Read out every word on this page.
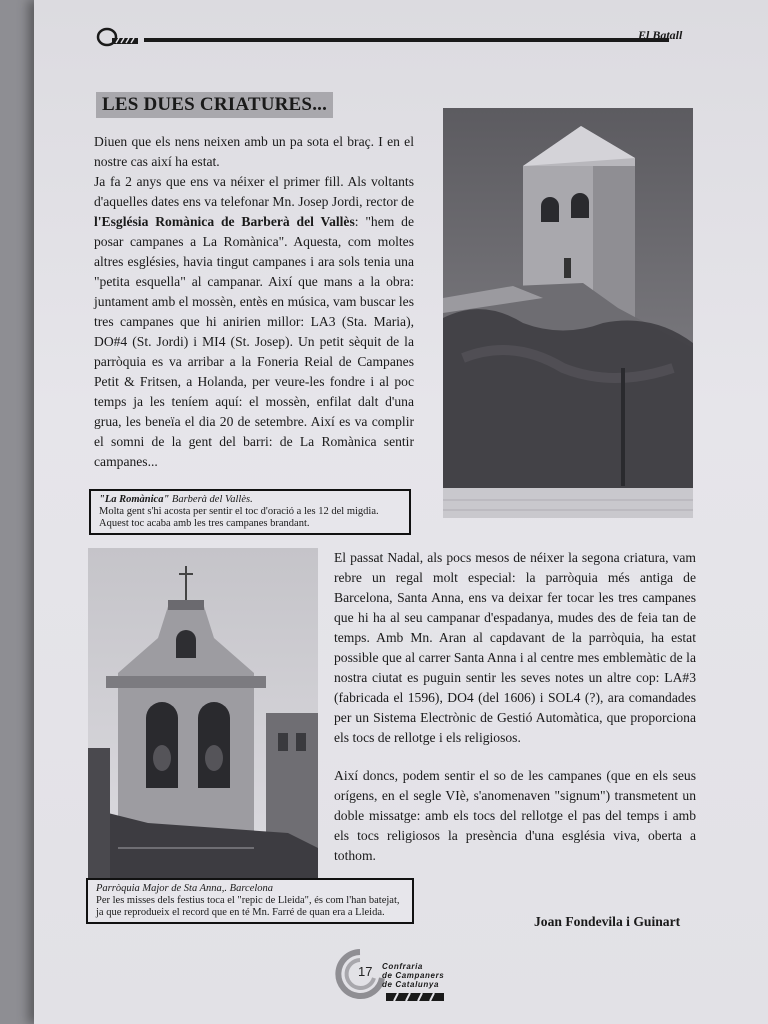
El Batall
LES DUES CRIATURES...

Diuen que els nens neixen amb un pa sota el braç. I en el nostre cas així ha estat.

Ja fa 2 anys que ens va néixer el primer fill. Als voltants d'aquelles dates ens va telefonar Mn. Josep Jordi, rector de l'Església Romànica de Barberà del Vallès: "hem de posar campanes a La Romànica". Aquesta, com moltes altres esglésies, havia tingut campanes i ara sols tenia una "petita esquella" al campanar. Així que mans a la obra: juntament amb el mossèn, entès en música, vam buscar les tres campanes que hi anirien millor: LA3 (Sta. Maria), DO#4 (St. Jordi) i MI4 (St. Josep). Un petit sèquit de la parròquia es va arribar a la Foneria Reial de Campanes Petit & Fritsen, a Holanda, per veure-les fondre i al poc temps ja les teníem aquí: el mossèn, enfilat dalt d'una grua, les beneïa el dia 20 de setembre. Així es va complir el somni de la gent del barri: de La Romànica sentir campanes...

"La Romànica" Barberà del Vallès.
Molta gent s'hi acosta per sentir el toc d'oració a les 12 del migdia. Aquest toc acaba amb les tres campanes brandant.
Parròquia Major de Sta Anna,. Barcelona
Per les misses dels festius toca el "repic de Lleida", és com l'han batejat, ja que reprodueix el record que en té Mn. Farré de quan era a Lleida.

El passat Nadal, als pocs mesos de néixer la segona criatura, vam rebre un regal molt especial: la parròquia més antiga de Barcelona, Santa Anna, ens va deixar fer tocar les tres campanes que hi ha al seu campanar d'espadanya, mudes des de feia tan de temps. Amb Mn. Aran al capdavant de la parròquia, ha estat possible que al carrer Santa Anna i al centre mes emblemàtic de la nostra ciutat es puguin sentir les seves notes un altre cop: LA#3 (fabricada el 1596), DO4 (del 1606) i SOL4 (?), ara comandades per un Sistema Electrònic de Gestió Automàtica, que proporciona els tocs de rellotge i els religiosos.

Així doncs, podem sentir el so de les campanes (que en els seus orígens, en el segle VIè, s'anomenaven "signum") transmetent un doble missatge: amb els tocs del rellotge el pas del temps i amb els tocs religiosos la presència d'una església viva, oberta a tothom.

Joan Fondevila i Guinart
17 Confraria
de Campaners
de Catalunya
